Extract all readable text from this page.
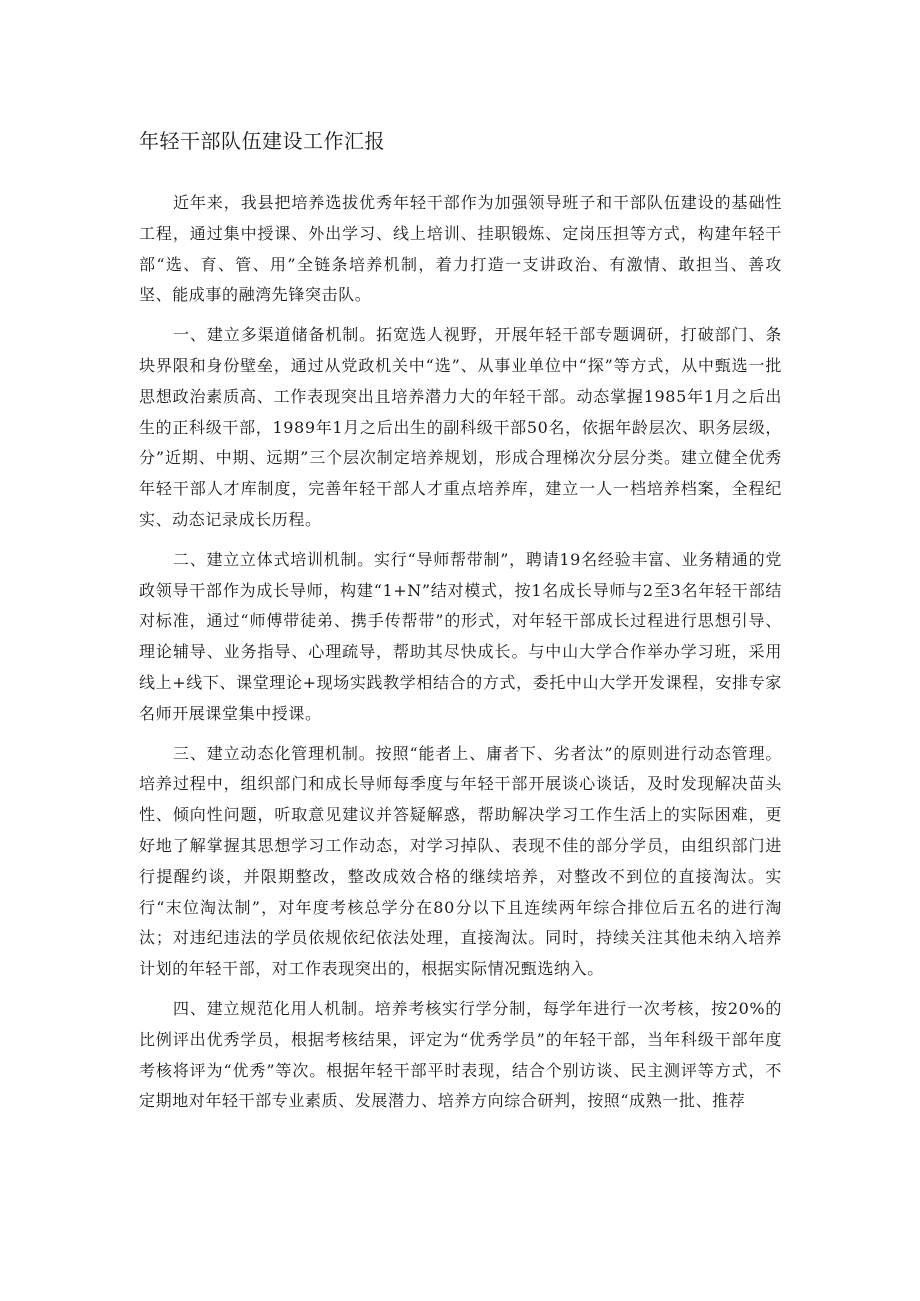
年轻干部队伍建设工作汇报

近年来，我县把培养选拔优秀年轻干部作为加强领导班子和干部队伍建设的基础性工程，通过集中授课、外出学习、线上培训、挂职锻炼、定岗压担等方式，构建年轻干部“选、育、管、用”全链条培养机制，着力打造一支讲政治、有激情、敢担当、善攻坚、能成事的融湾先锋突击队。

一、建立多渠道储备机制。拓宽选人视野，开展年轻干部专题调研，打破部门、条块界限和身份壁垒，通过从党政机关中“选”、从事业单位中“探”等方式，从中甄选一批思想政治素质高、工作表现突出且培养潜力大的年轻干部。动态掌握1985年1月之后出生的正科级干部，1989年1月之后出生的副科级干部50名，依据年龄层次、职务层级，分”近期、中期、远期”三个层次制定培养规划，形成合理梯次分层分类。建立健全优秀年轻干部人才库制度，完善年轻干部人才重点培养库，建立一人一档培养档案，全程纪实、动态记录成长历程。

二、建立立体式培训机制。实行“导师帮带制”，聘请19名经验丰富、业务精通的党政领导干部作为成长导师，构建“1+N”结对模式，按1名成长导师与2至3名年轻干部结对标准，通过“师傅带徒弟、携手传帮带”的形式，对年轻干部成长过程进行思想引导、理论辅导、业务指导、心理疏导，帮助其尽快成长。与中山大学合作举办学习班，采用线上+线下、课堂理论+现场实践教学相结合的方式，委托中山大学开发课程，安排专家名师开展课堂集中授课。

三、建立动态化管理机制。按照“能者上、庸者下、劣者汰”的原则进行动态管理。培养过程中，组织部门和成长导师每季度与年轻干部开展谈心谈话，及时发现解决苗头性、倾向性问题，听取意见建议并答疑解惑，帮助解决学习工作生活上的实际困难，更好地了解掌握其思想学习工作动态，对学习掉队、表现不佳的部分学员，由组织部门进行提醒约谈，并限期整改，整改成效合格的继续培养，对整改不到位的直接淘汰。实行“末位淘汰制”，对年度考核总学分在80分以下且连续两年综合排位后五名的进行淘汰；对违纪违法的学员依规依纪依法处理，直接淘汰。同时，持续关注其他未纳入培养计划的年轻干部，对工作表现突出的，根据实际情况甄选纳入。

四、建立规范化用人机制。培养考核实行学分制，每学年进行一次考核，按20%的比例评出优秀学员，根据考核结果，评定为“优秀学员”的年轻干部，当年科级干部年度考核将评为“优秀”等次。根据年轻干部平时表现，结合个别访谈、民主测评等方式，不定期地对年轻干部专业素质、发展潜力、培养方向综合研判，按照“成熟一批、推荐
